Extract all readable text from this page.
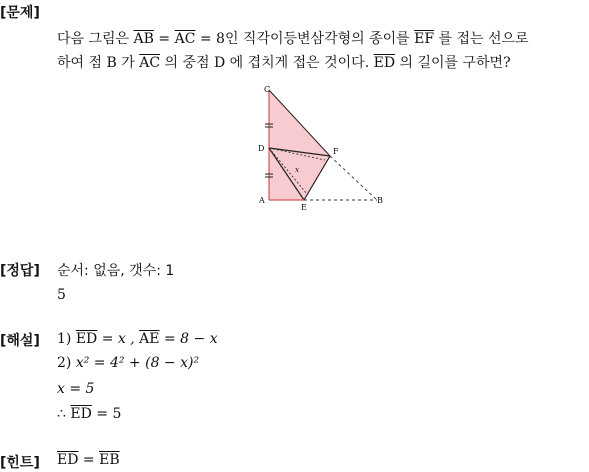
[문제]
다음 그림은 $\overline{AB} = \overline{AC} = 8$인 직각이등변삼각형의 종이를 $\overline{EF}$ 를 접는 선으로
하여 점 B 가 $\overline{AC}$ 의 중점 D 에 겹치게 접은 것이다. $\overline{ED}$ 의 길이를 구하면?
C
D
A
E
B
F
x
[정답] 순서: 없음, 갯수: 1
5
[해설] 1) $\overline{ED} = x$ , $\overline{AE} = 8 - x$
2) x² = 4² + (8 − x)²
x = 5
∴ $\overline{ED} = 5$
[힌트] $\overline{ED} = \overline{EB}$
